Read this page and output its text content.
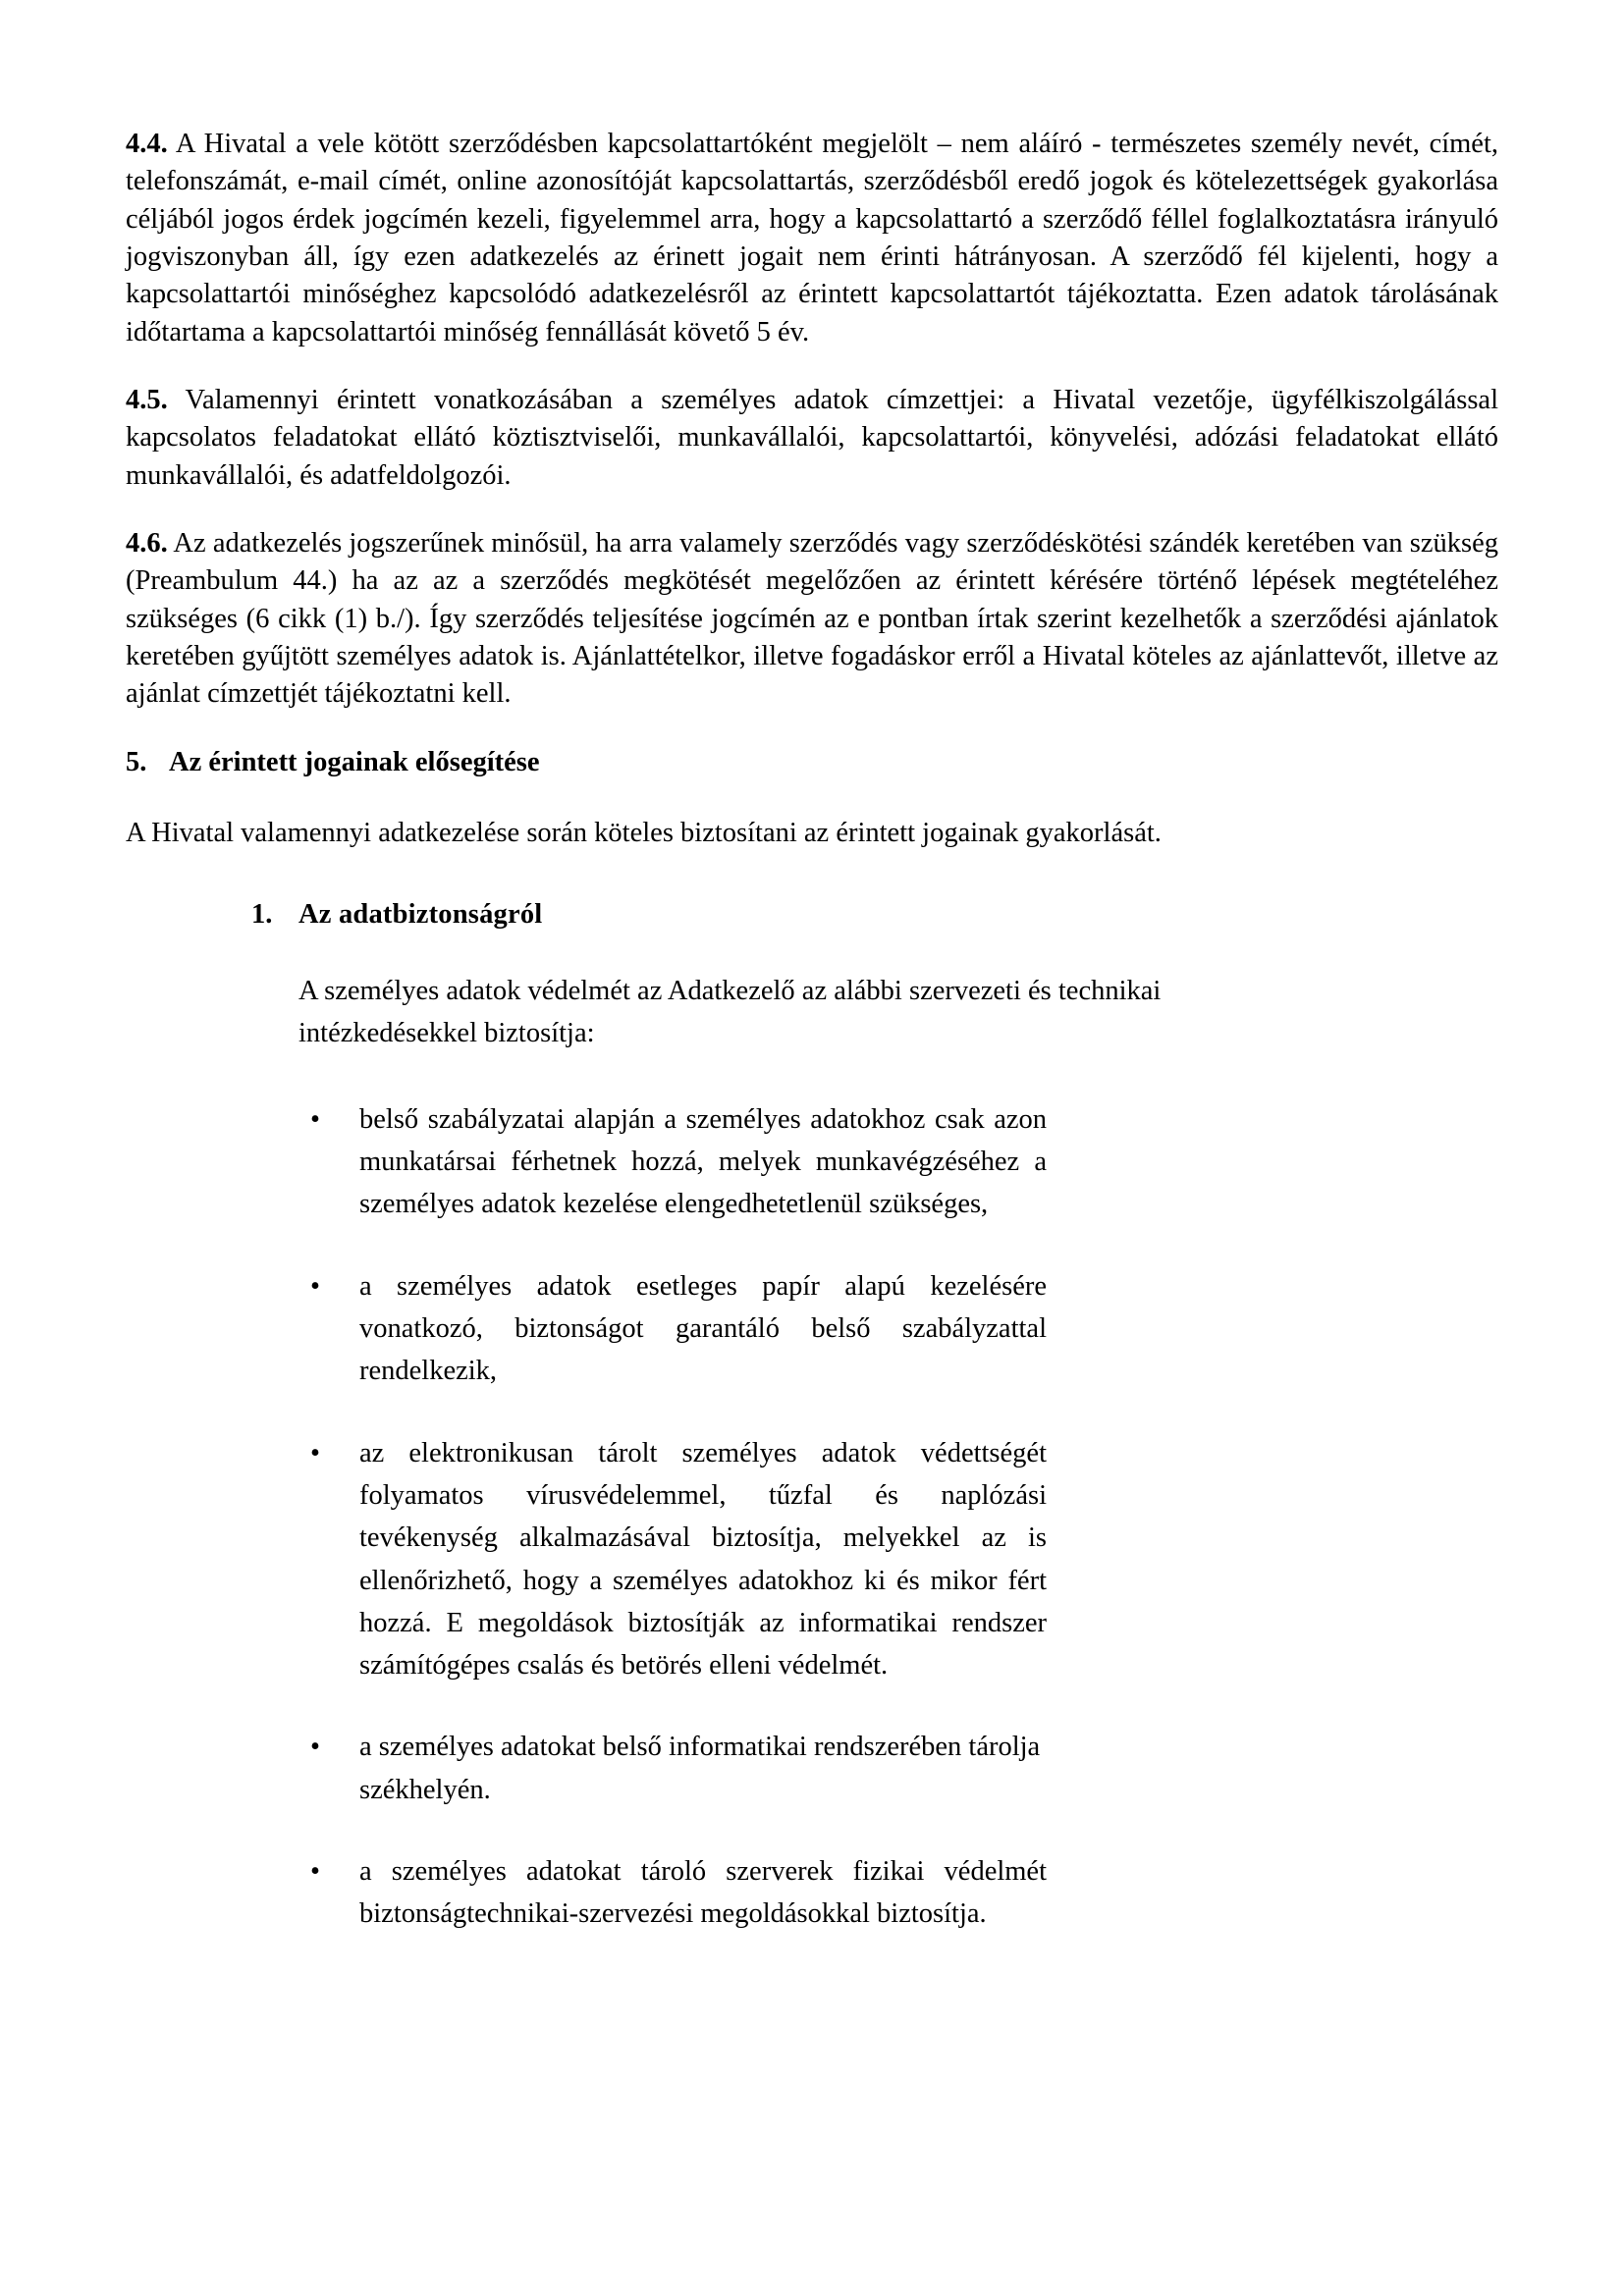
4.4. A Hivatal a vele kötött szerződésben kapcsolattartóként megjelölt – nem aláíró - természetes személy nevét, címét, telefonszámát, e-mail címét, online azonosítóját kapcsolattartás, szerződésből eredő jogok és kötelezettségek gyakorlása céljából jogos érdek jogcímén kezeli, figyelemmel arra, hogy a kapcsolattartó a szerződő féllel foglalkoztatásra irányuló jogviszonyban áll, így ezen adatkezelés az érinett jogait nem érinti hátrányosan. A szerződő fél kijelenti, hogy a kapcsolattartói minőséghez kapcsolódó adatkezelésről az érintett kapcsolattartót tájékoztatta. Ezen adatok tárolásának időtartama a kapcsolattartói minőség fennállását követő 5 év.

4.5. Valamennyi érintett vonatkozásában a személyes adatok címzettjei: a Hivatal vezetője, ügyfélkiszolgálással kapcsolatos feladatokat ellátó köztisztviselői, munkavállalói, kapcsolattartói, könyvelési, adózási feladatokat ellátó munkavállalói, és adatfeldolgozói.

4.6. Az adatkezelés jogszerűnek minősül, ha arra valamely szerződés vagy szerződéskötési szándék keretében van szükség (Preambulum 44.) ha az az a szerződés megkötését megelőzően az érintett kérésére történő lépések megtételéhez szükséges (6 cikk (1) b./). Így szerződés teljesítése jogcímén az e pontban írtak szerint kezelhetők a szerződési ajánlatok keretében gyűjtött személyes adatok is. Ajánlattételkor, illetve fogadáskor erről a Hivatal köteles az ajánlattevőt, illetve az ajánlat címzettjét tájékoztatni kell.

5. Az érintett jogainak elősegítése

A Hivatal valamennyi adatkezelése során köteles biztosítani az érintett jogainak gyakorlását.

1. Az adatbiztonságról

A személyes adatok védelmét az Adatkezelő az alábbi szervezeti és technikai intézkedésekkel biztosítja:

•	belső szabályzatai alapján a személyes adatokhoz csak azon munkatársai férhetnek hozzá, melyek munkavégzéséhez a személyes adatok kezelése elengedhetetlenül szükséges,
•	a személyes adatok esetleges papír alapú kezelésére vonatkozó, biztonságot garantáló belső szabályzattal rendelkezik,
•	az elektronikusan tárolt személyes adatok védettségét folyamatos vírusvédelemmel, tűzfal és naplózási tevékenység alkalmazásával biztosítja, melyekkel az is ellenőrizhető, hogy a személyes adatokhoz ki és mikor fért hozzá. E megoldások biztosítják az informatikai rendszer számítógépes csalás és betörés elleni védelmét.
•	a személyes adatokat belső informatikai rendszerében tárolja székhelyén.
•	a személyes adatokat tároló szerverek fizikai védelmét biztonságtechnikai-szervezési megoldásokkal biztosítja.
